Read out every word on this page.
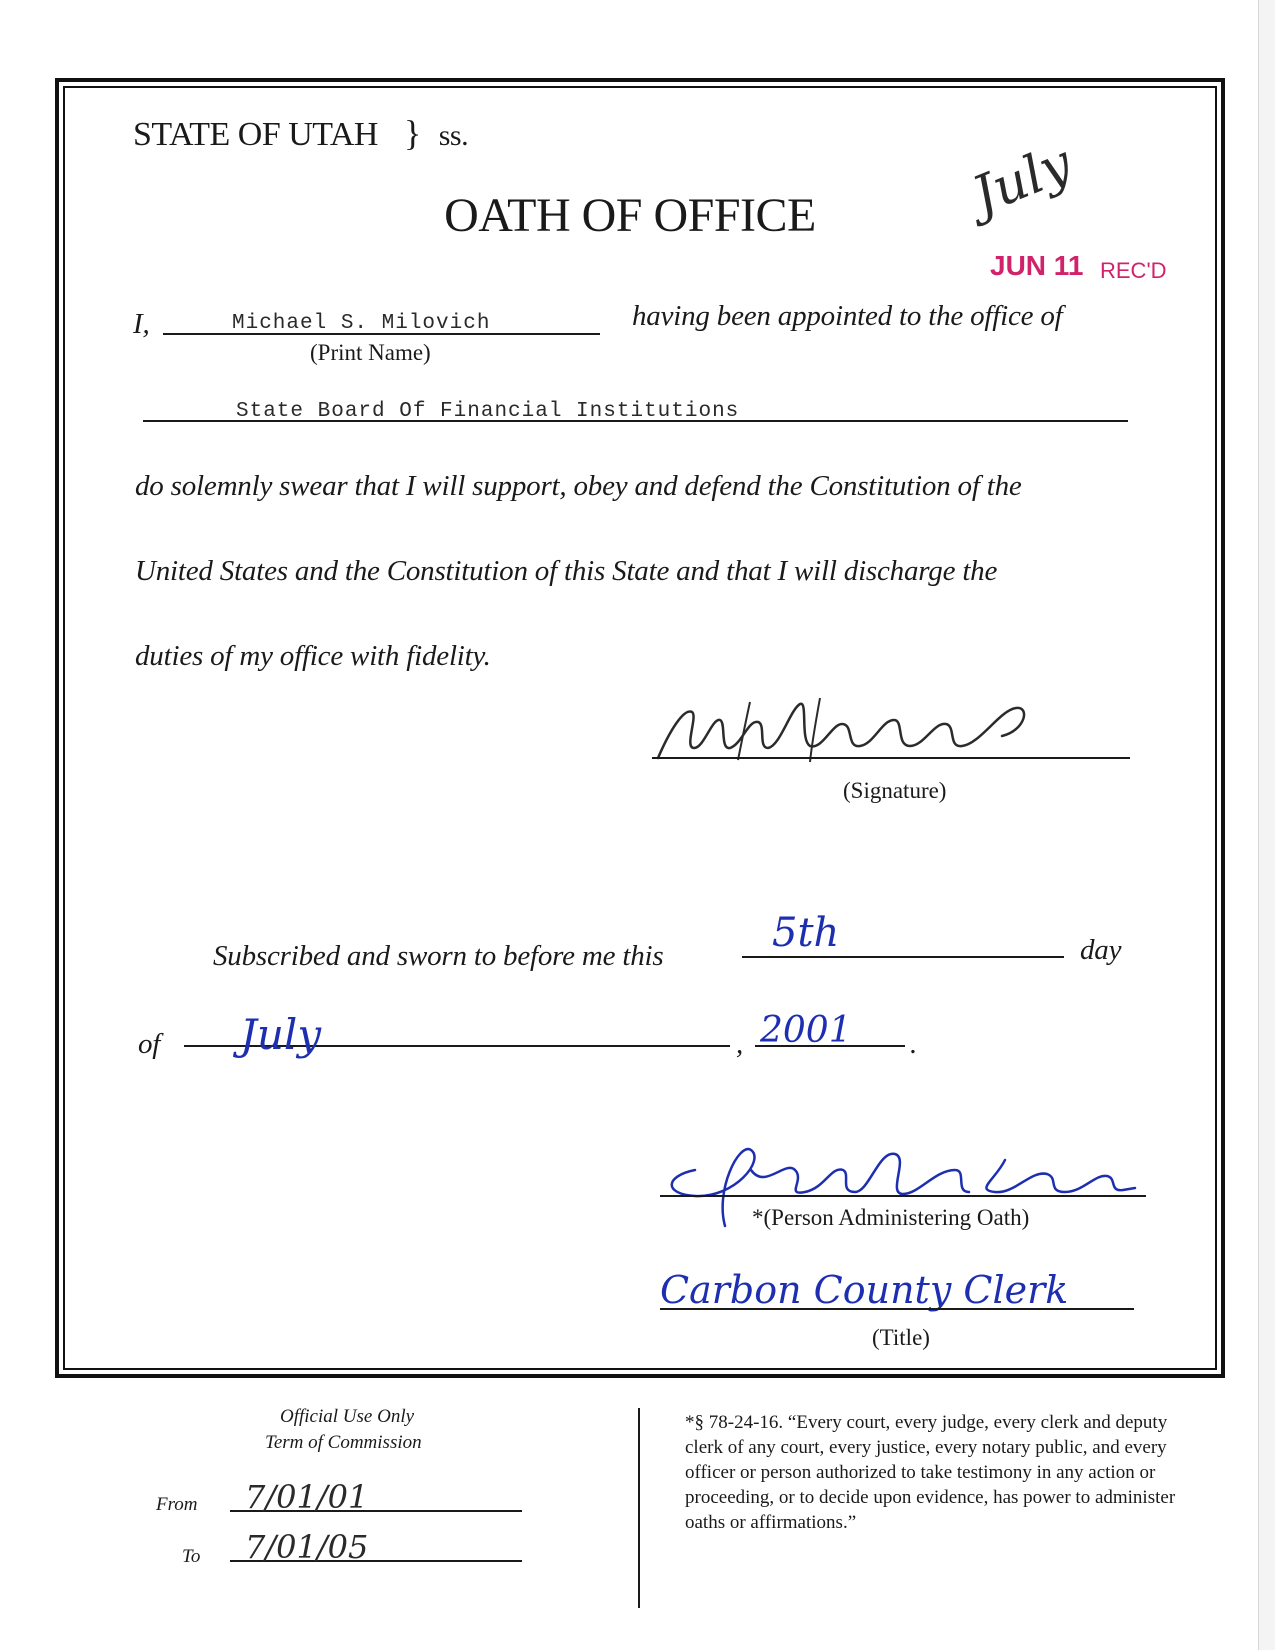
STATE OF UTAH } ss.
OATH OF OFFICE	July
JUN 11 REC'D
I,	Michael S. Milovich
(Print Name)
having been appointed to the office of
State Board Of Financial Institutions
do solemnly swear that I will support, obey and defend the Constitution of the
United States and the Constitution of this State and that I will discharge the
duties of my office with fidelity.
(Signature)
Subscribed and sworn to before me this	5th	day
of July	, 2001 .
*(Person Administering Oath)
Carbon County Clerk
(Title)
Official Use Only
Term of Commission
From 7/01/01
To 7/01/05
*§ 78-24-16. “Every court, every judge, every clerk and deputy clerk of any court, every justice, every notary public, and every officer or person authorized to take testimony in any action or proceeding, or to decide upon evidence, has power to administer oaths or affirmations.”
